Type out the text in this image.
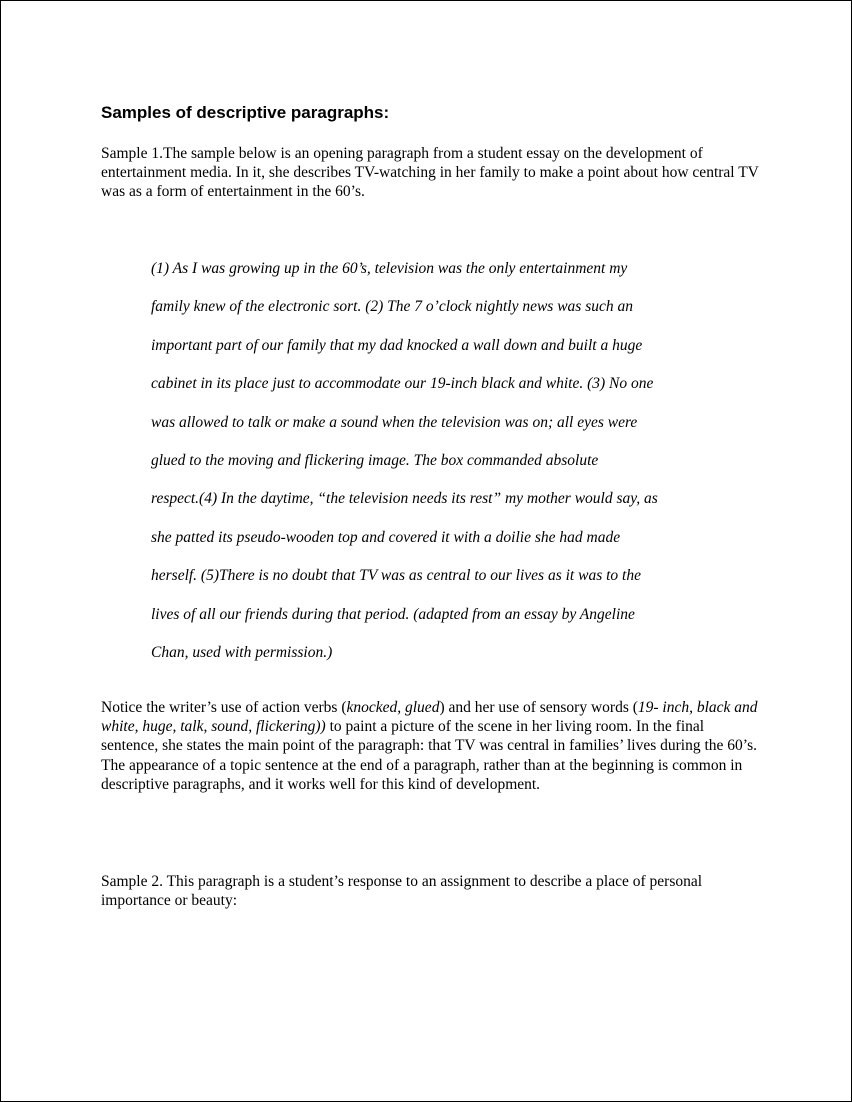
Samples of descriptive paragraphs:

Sample 1.The sample below is an opening paragraph from a student essay on the development of entertainment media. In it, she describes TV-watching in her family to make a point about how central TV was as a form of entertainment in the 60’s.

(1) As I was growing up in the 60’s, television was the only entertainment my
family knew of the electronic sort. (2) The 7 o’clock nightly news was such an
important part of our family that my dad knocked a wall down and built a huge
cabinet in its place just to accommodate our 19-inch black and white. (3) No one
was allowed to talk or make a sound when the television was on; all eyes were
glued to the moving and flickering image. The box commanded absolute
respect.(4) In the daytime, “the television needs its rest” my mother would say, as
she patted its pseudo-wooden top and covered it with a doilie she had made
herself. (5)There is no doubt that TV was as central to our lives as it was to the
lives of all our friends during that period. (adapted from an essay by Angeline
Chan, used with permission.)

Notice the writer’s use of action verbs (knocked, glued) and her use of sensory words (19- inch, black and white, huge, talk, sound, flickering)) to paint a picture of the scene in her living room. In the final sentence, she states the main point of the paragraph: that TV was central in families’ lives during the 60’s. The appearance of a topic sentence at the end of a paragraph, rather than at the beginning is common in descriptive paragraphs, and it works well for this kind of development.

Sample 2. This paragraph is a student’s response to an assignment to describe a place of personal importance or beauty:
